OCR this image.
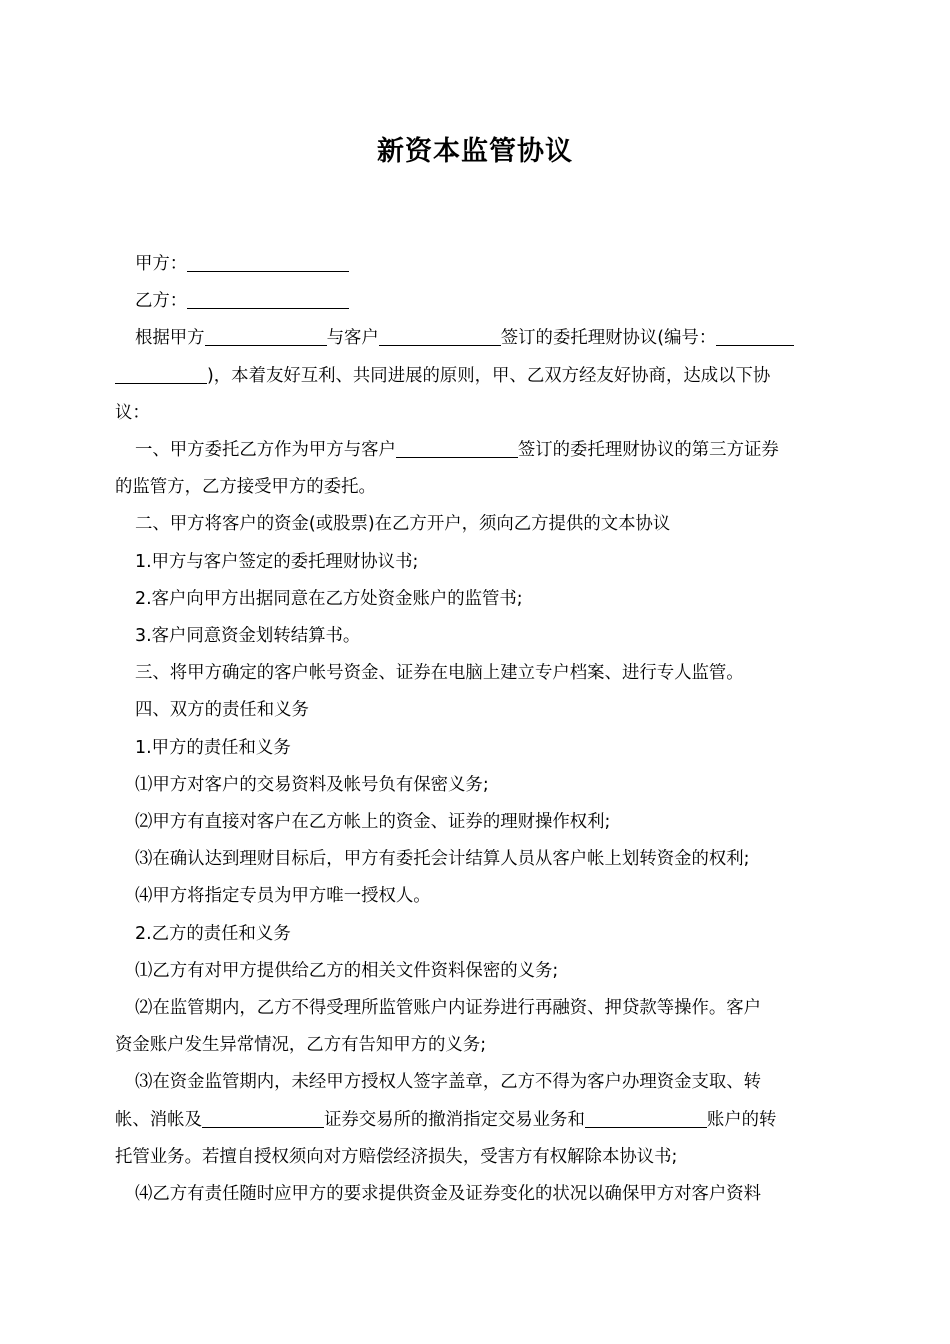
新资本监管协议

甲方：

乙方：

根据甲方	与客户	签订的委托理财协议(编号：

)，本着友好互利、共同进展的原则，甲、乙双方经友好协商，达成以下协

议：

一、甲方委托乙方作为甲方与客户	签订的委托理财协议的第三方证券

的监管方，乙方接受甲方的委托。

二、甲方将客户的资金(或股票)在乙方开户，须向乙方提供的文本协议

1.甲方与客户签定的委托理财协议书;

2.客户向甲方出据同意在乙方处资金账户的监管书;

3.客户同意资金划转结算书。

三、将甲方确定的客户帐号资金、证券在电脑上建立专户档案、进行专人监管。

四、双方的责任和义务

1.甲方的责任和义务

⑴甲方对客户的交易资料及帐号负有保密义务;

⑵甲方有直接对客户在乙方帐上的资金、证券的理财操作权利;

⑶在确认达到理财目标后，甲方有委托会计结算人员从客户帐上划转资金的权利;

⑷甲方将指定专员为甲方唯一授权人。

2.乙方的责任和义务

⑴乙方有对甲方提供给乙方的相关文件资料保密的义务;

⑵在监管期内，乙方不得受理所监管账户内证券进行再融资、押贷款等操作。客户

资金账户发生异常情况，乙方有告知甲方的义务;

⑶在资金监管期内，未经甲方授权人签字盖章，乙方不得为客户办理资金支取、转

帐、消帐及	证券交易所的撤消指定交易业务和	账户的转

托管业务。若擅自授权须向对方赔偿经济损失，受害方有权解除本协议书;

⑷乙方有责任随时应甲方的要求提供资金及证券变化的状况以确保甲方对客户资料
